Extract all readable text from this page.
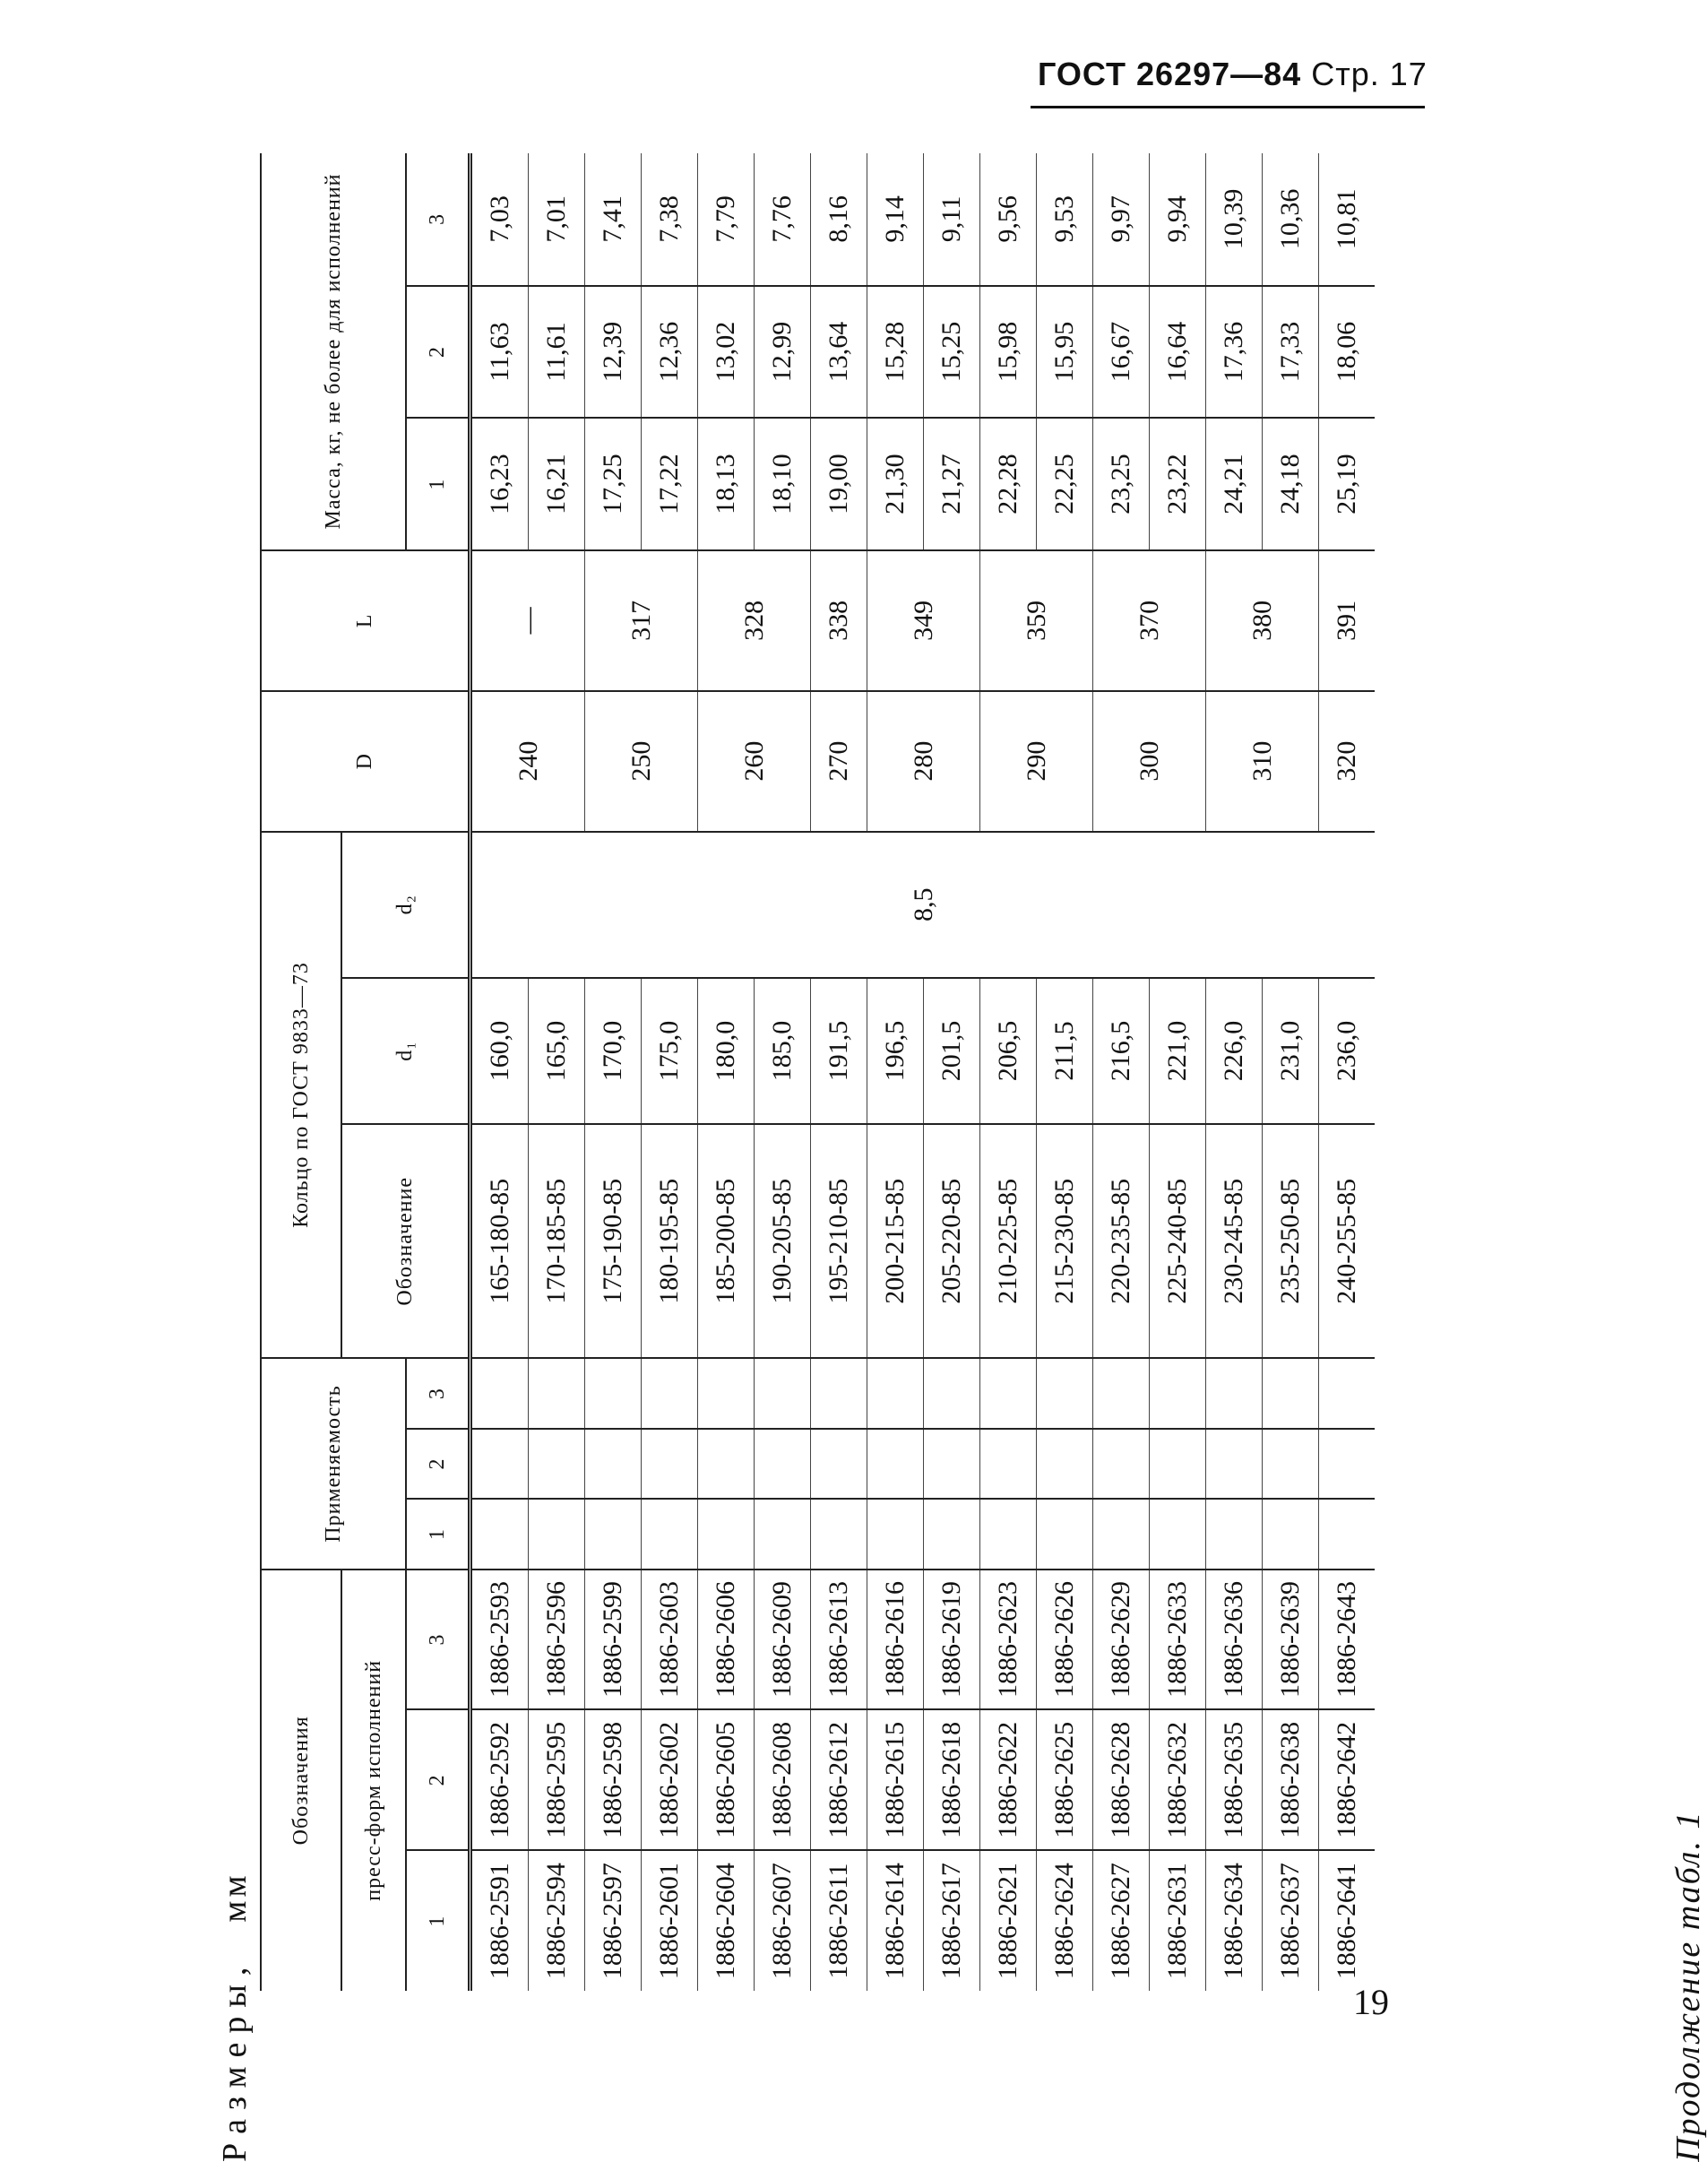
ГОСТ 26297—84 Стр. 17
Продолжение табл. 1
Размеры,мм
Обозначения			Применяемость			Кольцо по ГОСТ 9833—73			D	L	Масса, кг, не более для исполнений		
пресс-форм исполнений						Обозначение	d₁	d₂					
1	2	3	1	2	3						1	2	3
1886-2591	1886-2592	1886-2593				165-180-85	160,0	8,5	240	—	16,23	11,63	7,03
1886-2594	1886-2595	1886-2596				170-185-85	165,0				16,21	11,61	7,01
1886-2597	1886-2598	1886-2599				175-190-85	170,0		250	317	17,25	12,39	7,41
1886-2601	1886-2602	1886-2603				180-195-85	175,0				17,22	12,36	7,38
1886-2604	1886-2605	1886-2606				185-200-85	180,0		260	328	18,13	13,02	7,79
1886-2607	1886-2608	1886-2609				190-205-85	185,0				18,10	12,99	7,76
1886-2611	1886-2612	1886-2613				195-210-85	191,5		270	338	19,00	13,64	8,16
1886-2614	1886-2615	1886-2616				200-215-85	196,5		280	349	21,30	15,28	9,14
1886-2617	1886-2618	1886-2619				205-220-85	201,5				21,27	15,25	9,11
1886-2621	1886-2622	1886-2623				210-225-85	206,5		290	359	22,28	15,98	9,56
1886-2624	1886-2625	1886-2626				215-230-85	211,5				22,25	15,95	9,53
1886-2627	1886-2628	1886-2629				220-235-85	216,5		300	370	23,25	16,67	9,97
1886-2631	1886-2632	1886-2633				225-240-85	221,0				23,22	16,64	9,94
1886-2634	1886-2635	1886-2636				230-245-85	226,0		310	380	24,21	17,36	10,39
1886-2637	1886-2638	1886-2639				235-250-85	231,0				24,18	17,33	10,36
1886-2641	1886-2642	1886-2643				240-255-85	236,0		320	391	25,19	18,06	10,81
19
